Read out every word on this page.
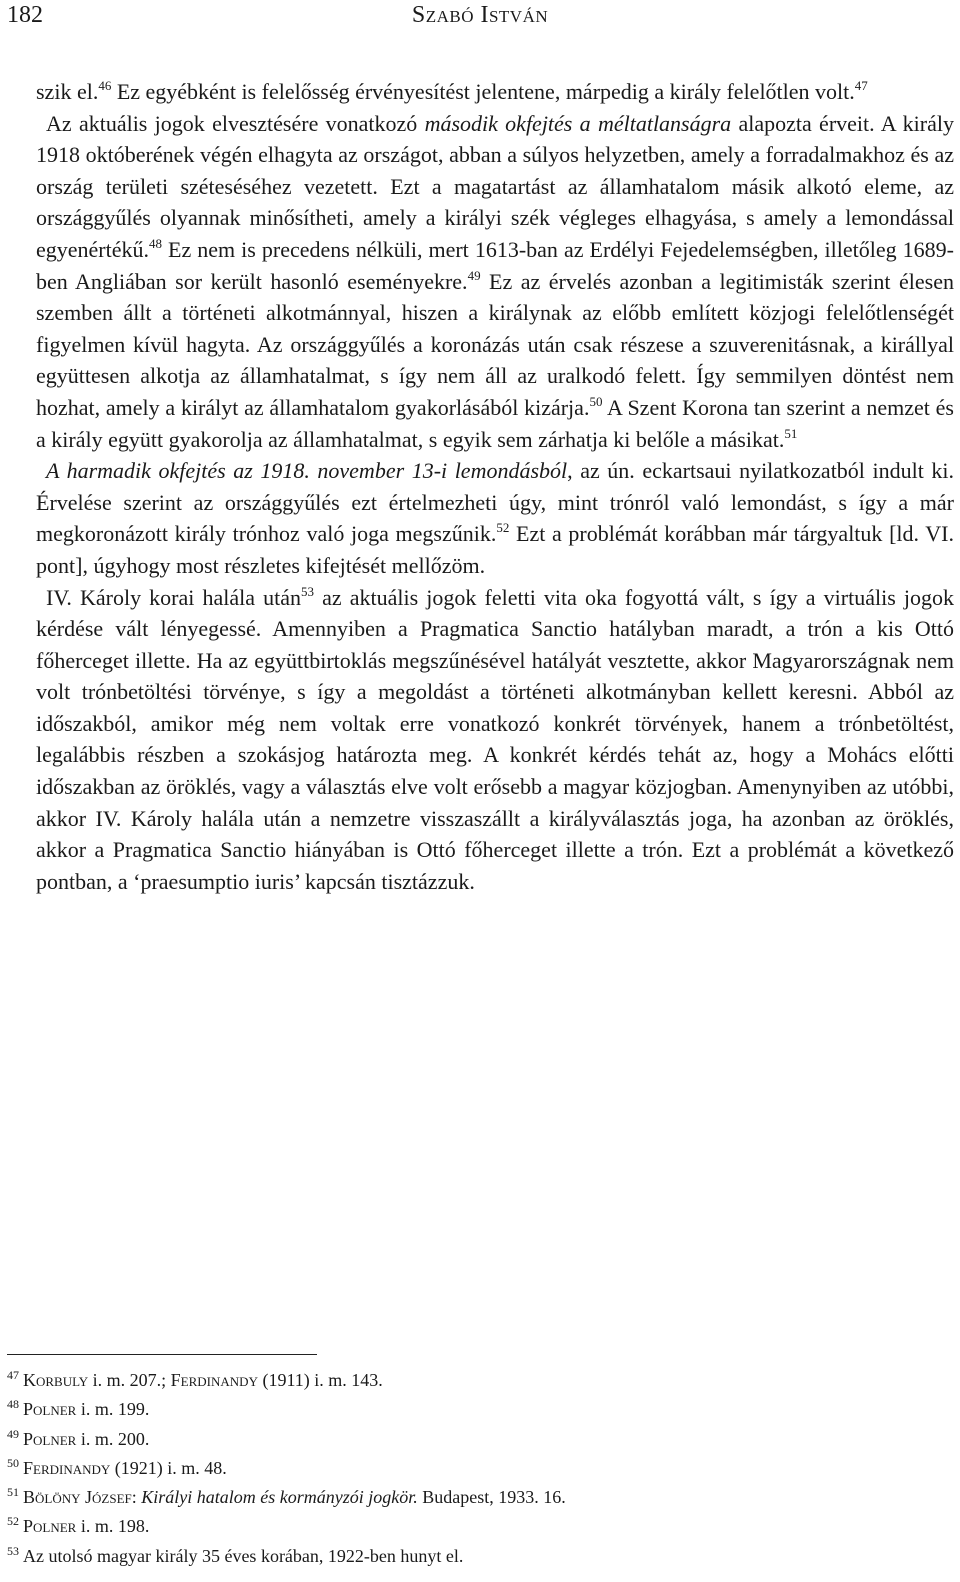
182	Szabó István

szik el.$^{46}$ Ez egyébként is felelősség érvényesítést jelentene, márpedig a király felelőtlen volt.$^{47}$

Az aktuális jogok elvesztésére vonatkozó második okfejtés a méltatlanságra alapozta érveit. A király 1918 októberének végén elhagyta az országot, abban a súlyos helyzetben, amely a forradalmakhoz és az ország területi széteséséhez vezetett. Ezt a magatartást az államhatalom másik alkotó eleme, az országgyűlés olyannak minősítheti, amely a királyi szék végleges elhagyása, s amely a lemondással egyenértékű.$^{48}$ Ez nem is precedens nélküli, mert 1613-ban az Erdélyi Fejedelemségben, illetőleg 1689-ben Angliában sor került hasonló eseményekre.$^{49}$ Ez az érvelés azonban a legitimisták szerint élesen szemben állt a történeti alkotmánnyal, hiszen a királynak az előbb említett közjogi felelőtlenségét figyelmen kívül hagyta. Az országgyűlés a koronázás után csak részese a szuverenitásnak, a királlyal együttesen alkotja az államhatalmat, s így nem áll az uralkodó felett. Így semmilyen döntést nem hozhat, amely a királyt az államhatalom gyakorlásából kizárja.$^{50}$ A Szent Korona tan szerint a nemzet és a király együtt gyakorolja az államhatalmat, s egyik sem zárhatja ki belőle a másikat.$^{51}$

A harmadik okfejtés az 1918. november 13-i lemondásból, az ún. eckartsaui nyilatkozatból indult ki. Érvelése szerint az országgyűlés ezt értelmezheti úgy, mint trónról való lemondást, s így a már megkoronázott király trónhoz való joga megszűnik.$^{52}$ Ezt a problémát korábban már tárgyaltuk [ld. VI. pont], úgyhogy most részletes kifejtését mellőzöm.

IV. Károly korai halála után$^{53}$ az aktuális jogok feletti vita oka fogyottá vált, s így a virtuális jogok kérdése vált lényegessé. Amennyiben a Pragmatica Sanctio hatályban maradt, a trón a kis Ottó főherceget illette. Ha az együttbirtoklás megszűnésével hatályát vesztette, akkor Magyarországnak nem volt trónbetöltési törvénye, s így a megoldást a történeti alkotmányban kellett keresni. Abból az időszakból, amikor még nem voltak erre vonatkozó konkrét törvények, hanem a trónbetöltést, legalábbis részben a szokásjog határozta meg. A konkrét kérdés tehát az, hogy a Mohács előtti időszakban az öröklés, vagy a választás elve volt erősebb a magyar közjogban. Amenynyiben az utóbbi, akkor IV. Károly halála után a nemzetre visszaszállt a királyválasztás joga, ha azonban az öröklés, akkor a Pragmatica Sanctio hiányában is Ottó főherceget illette a trón. Ezt a problémát a következő pontban, a ‘praesumptio iuris’ kapcsán tisztázzuk.

$^{47}$ Korbuly i. m. 207.; Ferdinandy (1911) i. m. 143.
$^{48}$ Polner i. m. 199.
$^{49}$ Polner i. m. 200.
$^{50}$ Ferdinandy (1921) i. m. 48.
$^{51}$ Bölöny József: Királyi hatalom és kormányzói jogkör. Budapest, 1933. 16.
$^{52}$ Polner i. m. 198.
$^{53}$ Az utolsó magyar király 35 éves korában, 1922-ben hunyt el.
